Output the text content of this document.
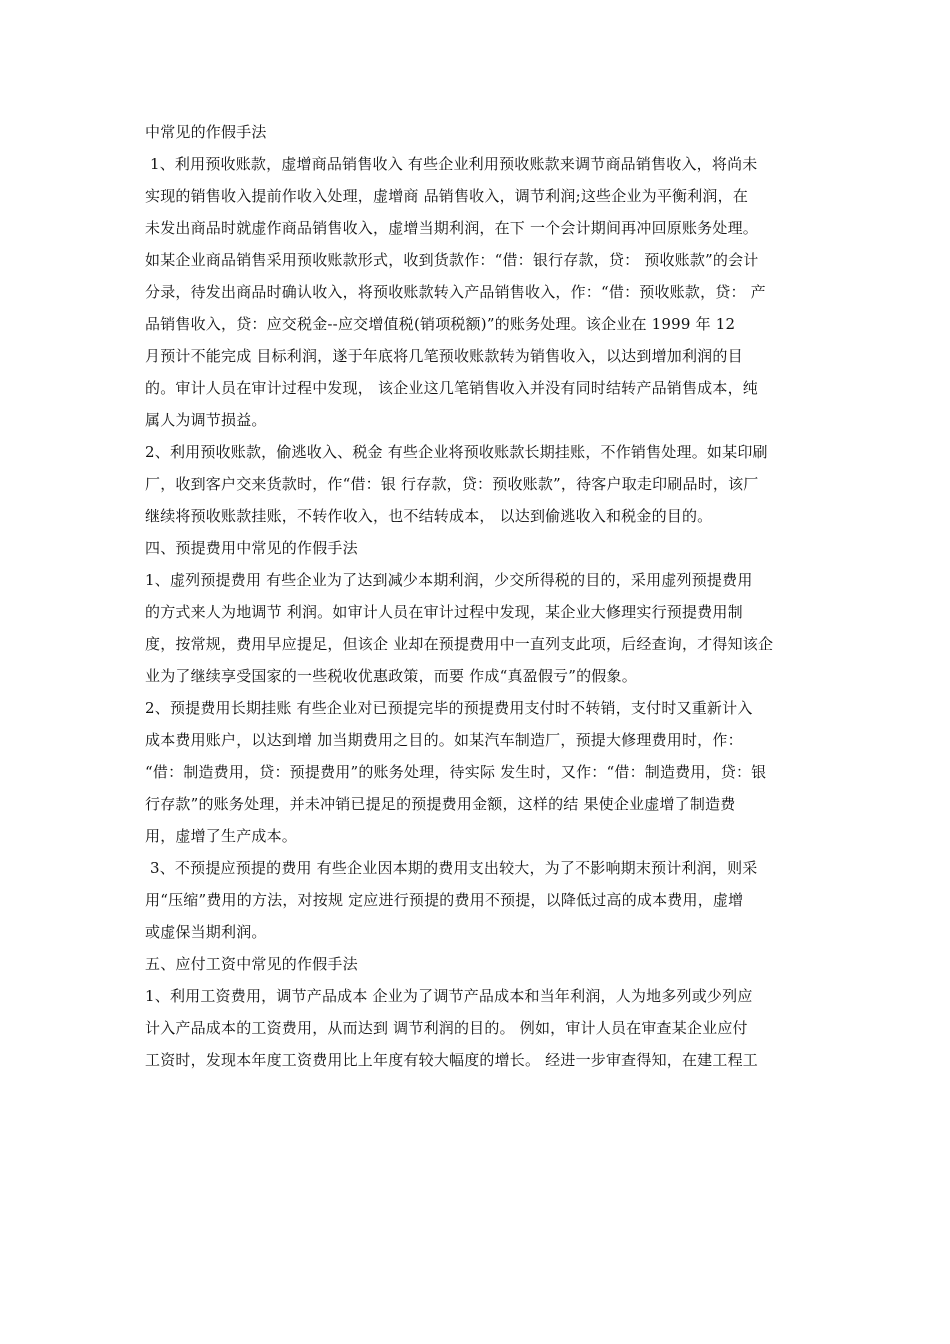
中常见的作假手法
1、利用预收账款，虚增商品销售收入 有些企业利用预收账款来调节商品销售收入，将尚未
实现的销售收入提前作收入处理，虚增商 品销售收入，调节利润;这些企业为平衡利润，在
未发出商品时就虚作商品销售收入，虚增当期利润，在下 一个会计期间再冲回原账务处理。
如某企业商品销售采用预收账款形式，收到货款作：“借：银行存款，贷： 预收账款”的会计
分录，待发出商品时确认收入，将预收账款转入产品销售收入，作：“借：预收账款，贷： 产
品销售收入，贷：应交税金--应交增值税(销项税额)”的账务处理。该企业在 1999 年 12
月预计不能完成 目标利润，遂于年底将几笔预收账款转为销售收入，以达到增加利润的目
的。审计人员在审计过程中发现， 该企业这几笔销售收入并没有同时结转产品销售成本，纯
属人为调节损益。
2、利用预收账款，偷逃收入、税金 有些企业将预收账款长期挂账，不作销售处理。如某印刷
厂，收到客户交来货款时，作“借：银 行存款，贷：预收账款”，待客户取走印刷品时，该厂
继续将预收账款挂账，不转作收入，也不结转成本， 以达到偷逃收入和税金的目的。
四、预提费用中常见的作假手法
1、虚列预提费用 有些企业为了达到减少本期利润，少交所得税的目的，采用虚列预提费用
的方式来人为地调节 利润。如审计人员在审计过程中发现，某企业大修理实行预提费用制
度，按常规，费用早应提足，但该企 业却在预提费用中一直列支此项，后经查询，才得知该企
业为了继续享受国家的一些税收优惠政策，而要 作成“真盈假亏”的假象。
2、预提费用长期挂账 有些企业对已预提完毕的预提费用支付时不转销，支付时又重新计入
成本费用账户，以达到增 加当期费用之目的。如某汽车制造厂，预提大修理费用时，作：
“借：制造费用，贷：预提费用”的账务处理，待实际 发生时，又作：“借：制造费用，贷：银
行存款”的账务处理，并未冲销已提足的预提费用金额，这样的结 果使企业虚增了制造费
用，虚增了生产成本。
3、不预提应预提的费用 有些企业因本期的费用支出较大，为了不影响期末预计利润，则采
用“压缩”费用的方法，对按规 定应进行预提的费用不预提，以降低过高的成本费用，虚增
或虚保当期利润。
五、应付工资中常见的作假手法
1、利用工资费用，调节产品成本 企业为了调节产品成本和当年利润，人为地多列或少列应
计入产品成本的工资费用，从而达到 调节利润的目的。 例如，审计人员在审查某企业应付
工资时，发现本年度工资费用比上年度有较大幅度的增长。 经进一步审查得知，在建工程工
